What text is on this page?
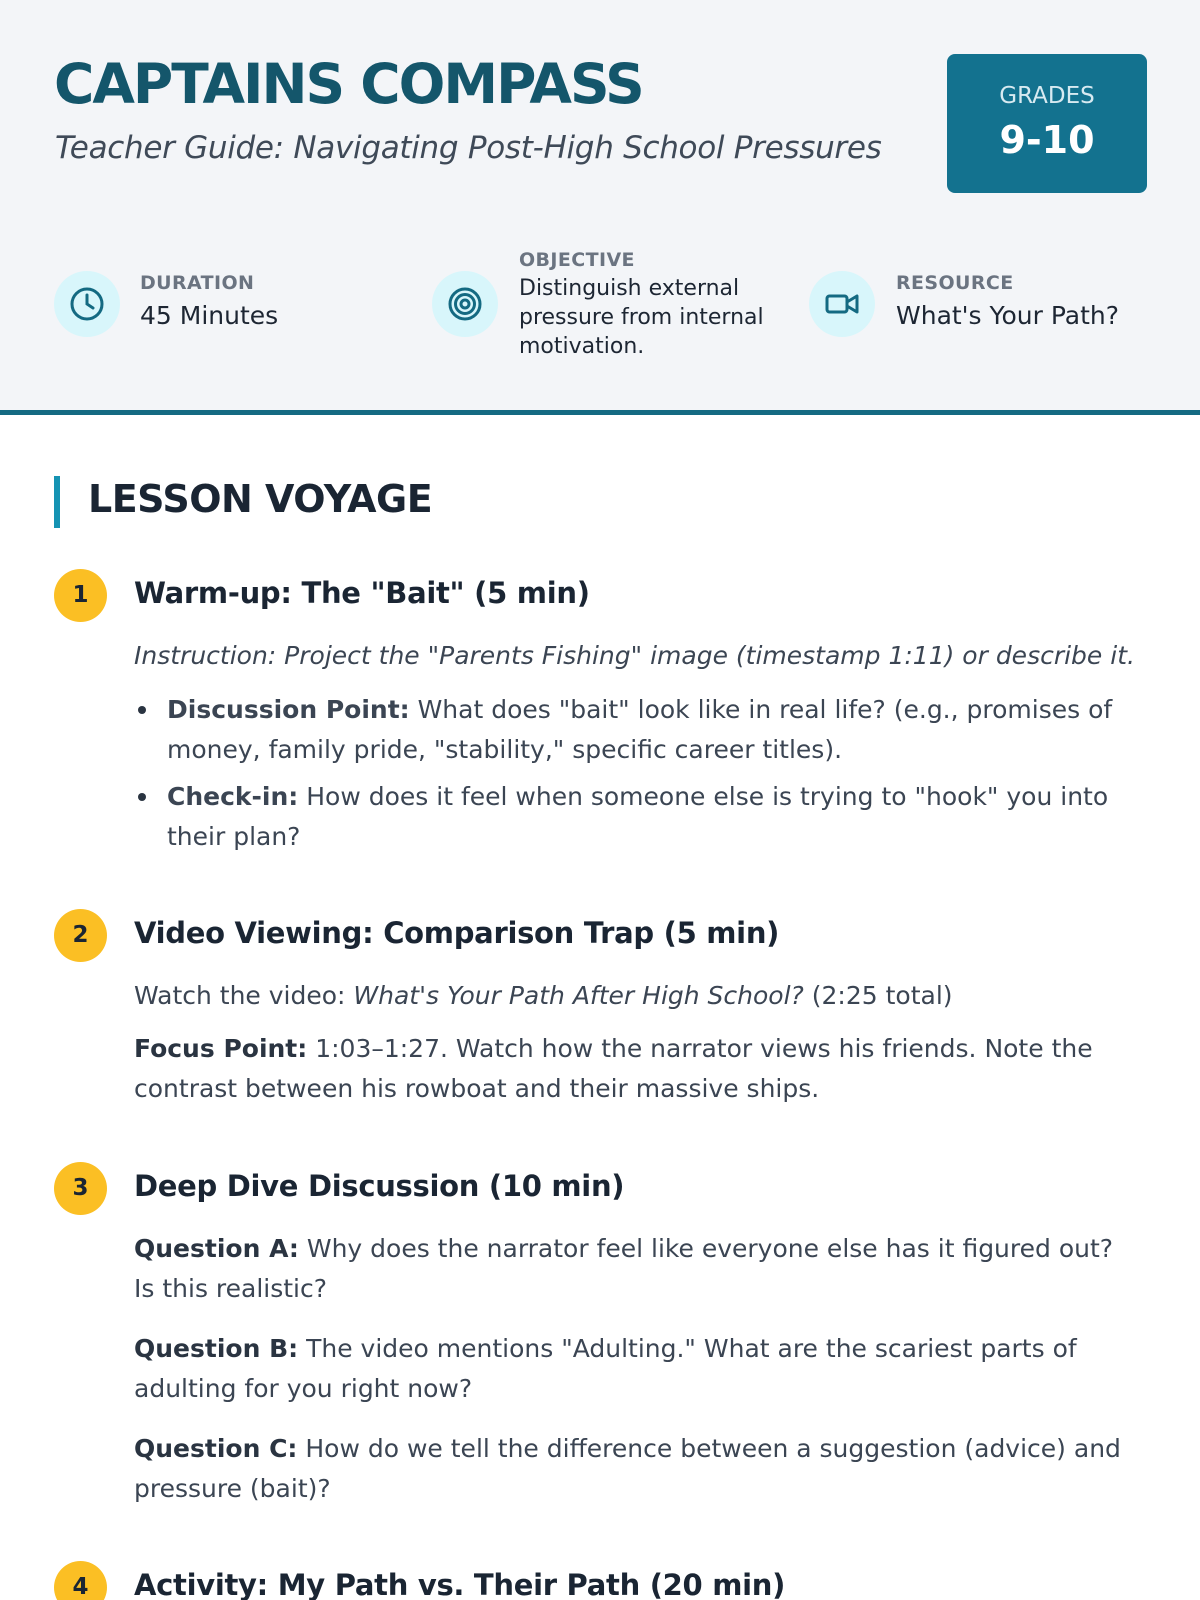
CAPTAINS COMPASS
Teacher Guide: Navigating Post-High School Pressures
GRADES
9-10
DURATION
45 Minutes
OBJECTIVE
Distinguish external pressure from internal motivation.
RESOURCE
What's Your Path?
LESSON VOYAGE
1	Warm-up: The "Bait" (5 min)
Instruction: Project the "Parents Fishing" image (timestamp 1:11) or describe it.
Discussion Point: What does "bait" look like in real life? (e.g., promises of money, family pride, "stability," specific career titles).
Check-in: How does it feel when someone else is trying to "hook" you into their plan?
2	Video Viewing: Comparison Trap (5 min)
Watch the video: What's Your Path After High School? (2:25 total)
Focus Point: 1:03–1:27. Watch how the narrator views his friends. Note the contrast between his rowboat and their massive ships.
3	Deep Dive Discussion (10 min)
Question A: Why does the narrator feel like everyone else has it figured out? Is this realistic?
Question B: The video mentions "Adulting." What are the scariest parts of adulting for you right now?
Question C: How do we tell the difference between a suggestion (advice) and pressure (bait)?
4	Activity: My Path vs. Their Path (20 min)
